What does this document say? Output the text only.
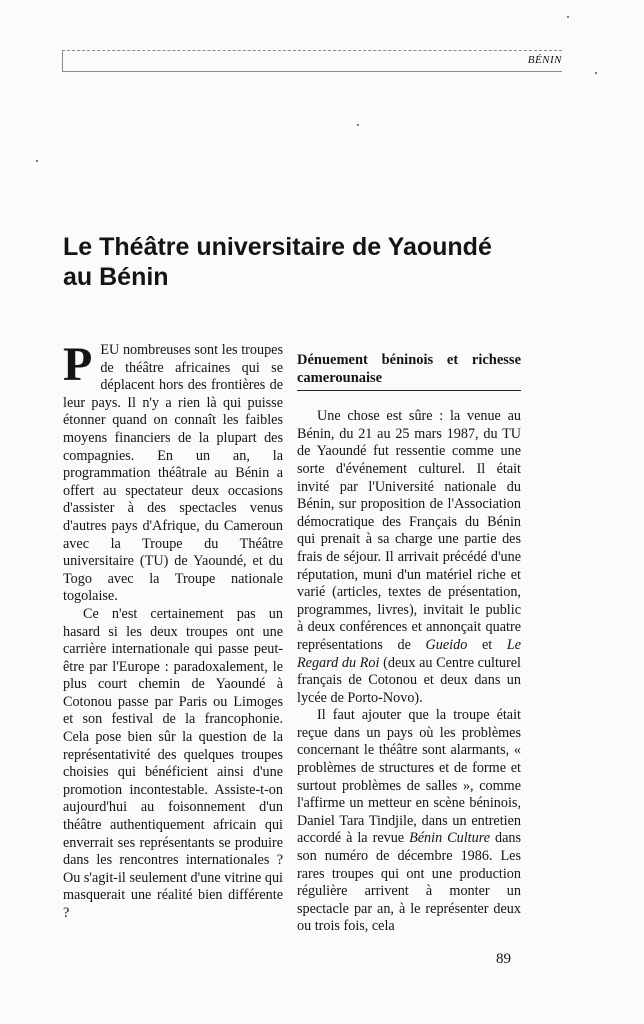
BÉNIN
Le Théâtre universitaire de Yaoundé
au Bénin

PEU nombreuses sont les troupes de théâtre africaines qui se déplacent hors des frontières de leur pays. Il n'y a rien là qui puisse étonner quand on connaît les faibles moyens financiers de la plupart des compagnies. En un an, la programmation théâtrale au Bénin a offert au spectateur deux occasions d'assister à des spectacles venus d'autres pays d'Afrique, du Cameroun avec la Troupe du Théâtre universitaire (TU) de Yaoundé, et du Togo avec la Troupe nationale togolaise.

Ce n'est certainement pas un hasard si les deux troupes ont une carrière internationale qui passe peut-être par l'Europe : paradoxalement, le plus court chemin de Yaoundé à Cotonou passe par Paris ou Limoges et son festival de la francophonie. Cela pose bien sûr la question de la représentativité des quelques troupes choisies qui bénéficient ainsi d'une promotion incontestable. Assiste-t-on aujourd'hui au foisonnement d'un théâtre authentiquement africain qui enverrait ses représentants se produire dans les rencontres internationales ? Ou s'agit-il seulement d'une vitrine qui masquerait une réalité bien différente ?

Dénuement béninois et richesse camerounaise

Une chose est sûre : la venue au Bénin, du 21 au 25 mars 1987, du TU de Yaoundé fut ressentie comme une sorte d'événement culturel. Il était invité par l'Université nationale du Bénin, sur proposition de l'Association démocratique des Français du Bénin qui prenait à sa charge une partie des frais de séjour. Il arrivait précédé d'une réputation, muni d'un matériel riche et varié (articles, textes de présentation, programmes, livres), invitait le public à deux conférences et annonçait quatre représentations de Gueido et Le Regard du Roi (deux au Centre culturel français de Cotonou et deux dans un lycée de Porto-Novo).

Il faut ajouter que la troupe était reçue dans un pays où les problèmes concernant le théâtre sont alarmants, « problèmes de structures et de forme et surtout problèmes de salles », comme l'affirme un metteur en scène béninois, Daniel Tara Tindjile, dans un entretien accordé à la revue Bénin Culture dans son numéro de décembre 1986. Les rares troupes qui ont une production régulière arrivent à monter un spectacle par an, à le représenter deux ou trois fois, cela

89
